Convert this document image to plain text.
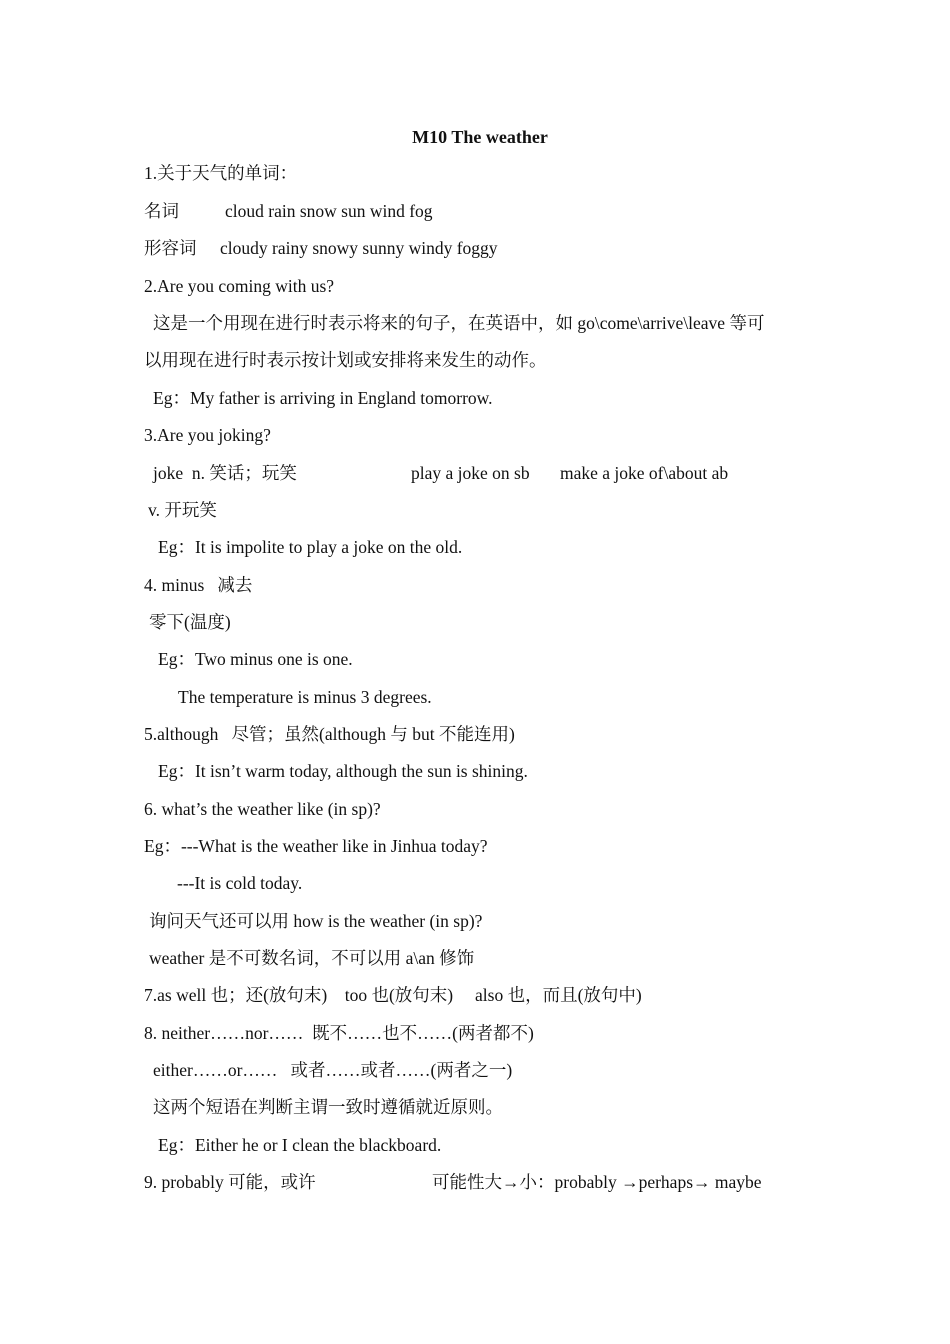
M10 The weather
1.关于天气的单词：

名词

	cloud rain snow sun wind fog

形容词

cloudy rainy snowy sunny windy foggy

2.Are you coming with us?
这是一个用现在进行时表示将来的句子，在英语中，如 go\come\arrive\leave 等可
以用现在进行时表示按计划或安排将来发生的动作。
Eg：My father is arriving in England tomorrow.
3.Are you joking?

joke  n. 笑话；玩笑

	play a joke on sb

make a joke of\about ab

v. 开玩笑
Eg：It is impolite to play a joke on the old.
4. minus   减去
零下(温度)
Eg：Two minus one is one.
The temperature is minus 3 degrees.
5.although   尽管；虽然(although 与 but 不能连用)
Eg：It isn’t warm today, although the sun is shining.
6. what’s the weather like (in sp)?
Eg：---What is the weather like in Jinhua today?
---It is cold today.
询问天气还可以用 how is the weather (in sp)?
weather 是不可数名词，不可以用 a\an 修饰
7.as well 也；还(放句末)    too 也(放句末)     also 也，而且(放句中)
8. neither……nor……  既不……也不……(两者都不)
either……or……   或者……或者……(两者之一)
这两个短语在判断主谓一致时遵循就近原则。
Eg：Either he or I clean the blackboard.

9. probably 可能，或许

	可能性大→小：probably →perhaps→ maybe
